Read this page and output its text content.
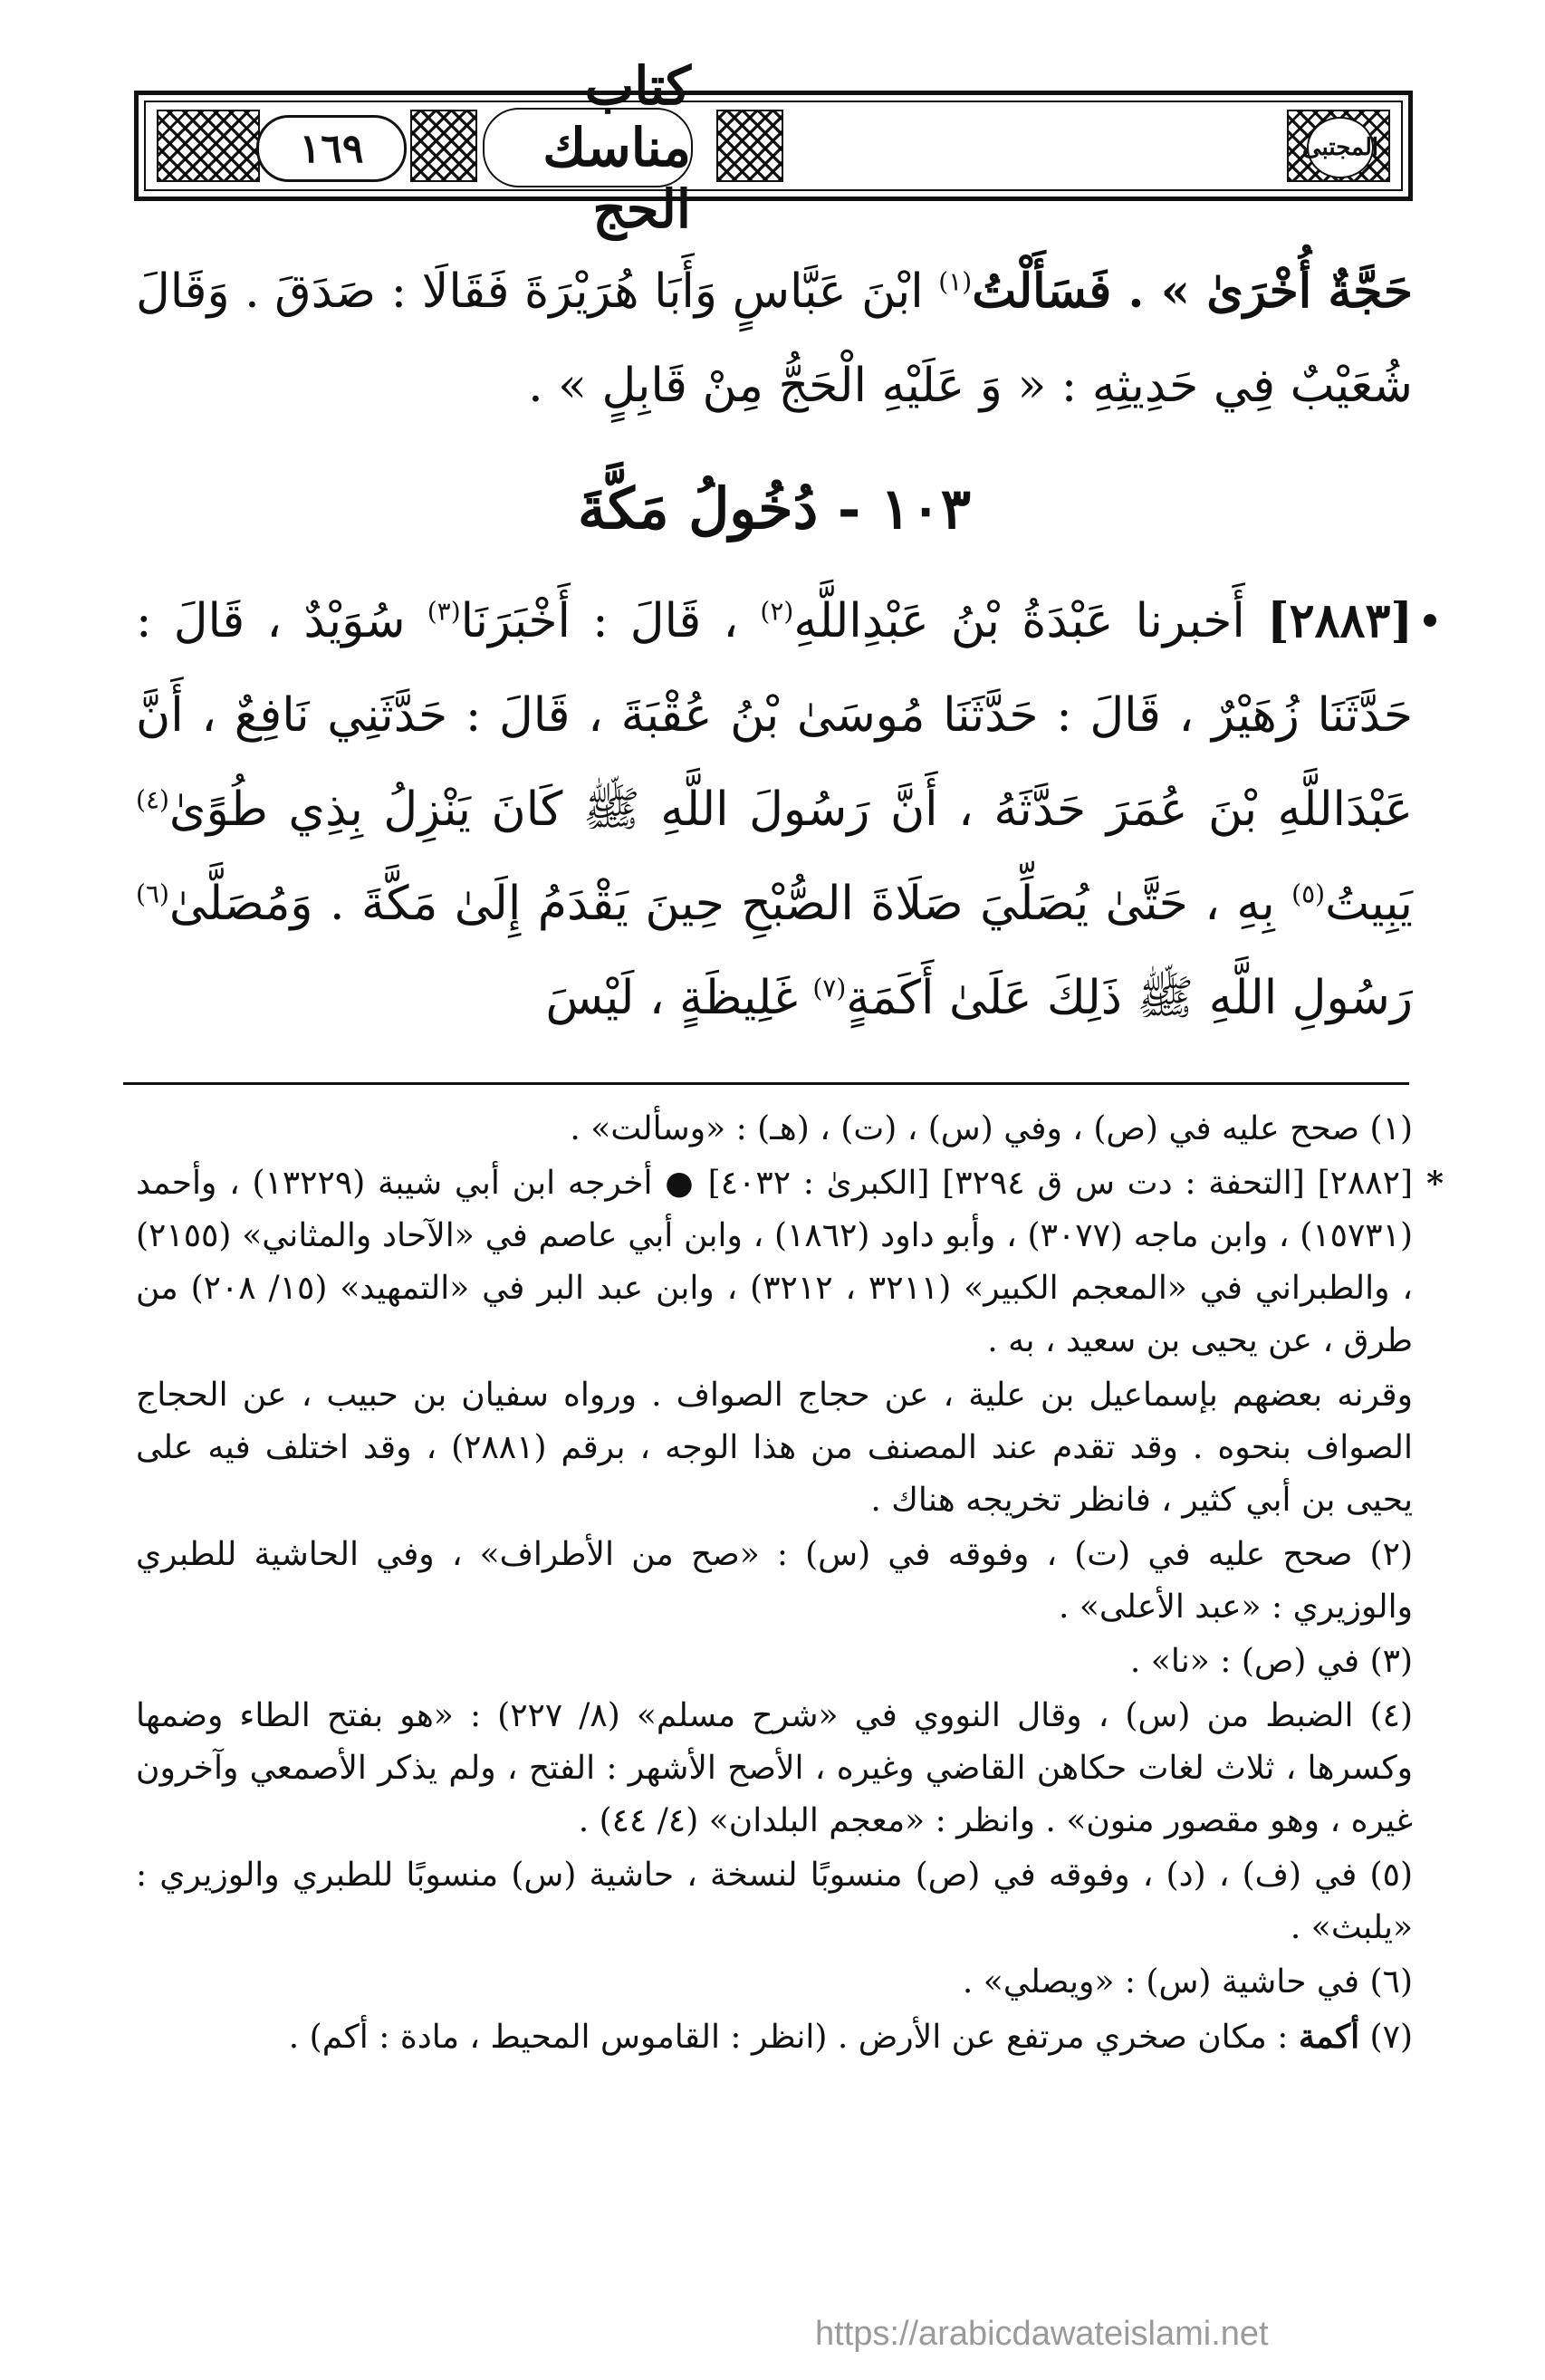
المجتبى
كتاب مناسك الحج
١٦٩

حَجَّةٌ أُخْرَىٰ » . فَسَأَلْتُ$^{(١)}$ ابْنَ عَبَّاسٍ وَأَبَا هُرَيْرَةَ فَقَالَا : صَدَقَ . وَقَالَ شُعَيْبٌ فِي حَدِيثِهِ : « وَ عَلَيْهِ الْحَجُّ مِنْ قَابِلٍ » .

١٠٣ - دُخُولُ مَكَّةَ

[٢٨٨٣] أَخبرنا عَبْدَةُ بْنُ عَبْدِاللَّهِ$^{(٢)}$ ، قَالَ : أَخْبَرَنَا$^{(٣)}$ سُوَيْدٌ ، قَالَ : حَدَّثَنَا زُهَيْرٌ ، قَالَ : حَدَّثَنَا مُوسَىٰ بْنُ عُقْبَةَ ، قَالَ : حَدَّثَنِي نَافِعٌ ، أَنَّ عَبْدَاللَّهِ بْنَ عُمَرَ حَدَّثَهُ ، أَنَّ رَسُولَ اللَّهِ ﷺ كَانَ يَنْزِلُ بِذِي طُوًىٰ$^{(٤)}$ يَبِيتُ$^{(٥)}$ بِهِ ، حَتَّىٰ يُصَلِّيَ صَلَاةَ الصُّبْحِ حِينَ يَقْدَمُ إِلَىٰ مَكَّةَ . وَمُصَلَّىٰ$^{(٦)}$ رَسُولِ اللَّهِ ﷺ ذَلِكَ عَلَىٰ أَكَمَةٍ$^{(٧)}$ غَلِيظَةٍ ، لَيْسَ

(١) صحح عليه في (ص) ، وفي (س) ، (ت) ، (هـ) : «وسألت» .

*
[٢٨٨٢] [التحفة : دت س ق ٣٢٩٤] [الكبرىٰ : ٤٠٣٢] ● أخرجه ابن أبي شيبة (١٣٢٢٩) ، وأحمد (١٥٧٣١) ، وابن ماجه (٣٠٧٧) ، وأبو داود (١٨٦٢) ، وابن أبي عاصم في «الآحاد والمثاني» (٢١٥٥) ، والطبراني في «المعجم الكبير» (٣٢١١ ، ٣٢١٢) ، وابن عبد البر في «التمهيد» (١٥/ ٢٠٨) من طرق ، عن يحيى بن سعيد ، به .

وقرنه بعضهم بإسماعيل بن علية ، عن حجاج الصواف . ورواه سفيان بن حبيب ، عن الحجاج الصواف بنحوه . وقد تقدم عند المصنف من هذا الوجه ، برقم (٢٨٨١) ، وقد اختلف فيه على يحيى بن أبي كثير ، فانظر تخريجه هناك .

(٢) صحح عليه في (ت) ، وفوقه في (س) : «صح من الأطراف» ، وفي الحاشية للطبري والوزيري : «عبد الأعلى» .

(٣) في (ص) : «نا» .

(٤) الضبط من (س) ، وقال النووي في «شرح مسلم» (٨/ ٢٢٧) : «هو بفتح الطاء وضمها وكسرها ، ثلاث لغات حكاهن القاضي وغيره ، الأصح الأشهر : الفتح ، ولم يذكر الأصمعي وآخرون غيره ، وهو مقصور منون» . وانظر : «معجم البلدان» (٤/ ٤٤) .

(٥) في (ف) ، (د) ، وفوقه في (ص) منسوبًا لنسخة ، حاشية (س) منسوبًا للطبري والوزيري : «يلبث» .

(٦) في حاشية (س) : «ويصلي» .

(٧) أكمة : مكان صخري مرتفع عن الأرض . (انظر : القاموس المحيط ، مادة : أكم) .

https://arabicdawateislami.net
